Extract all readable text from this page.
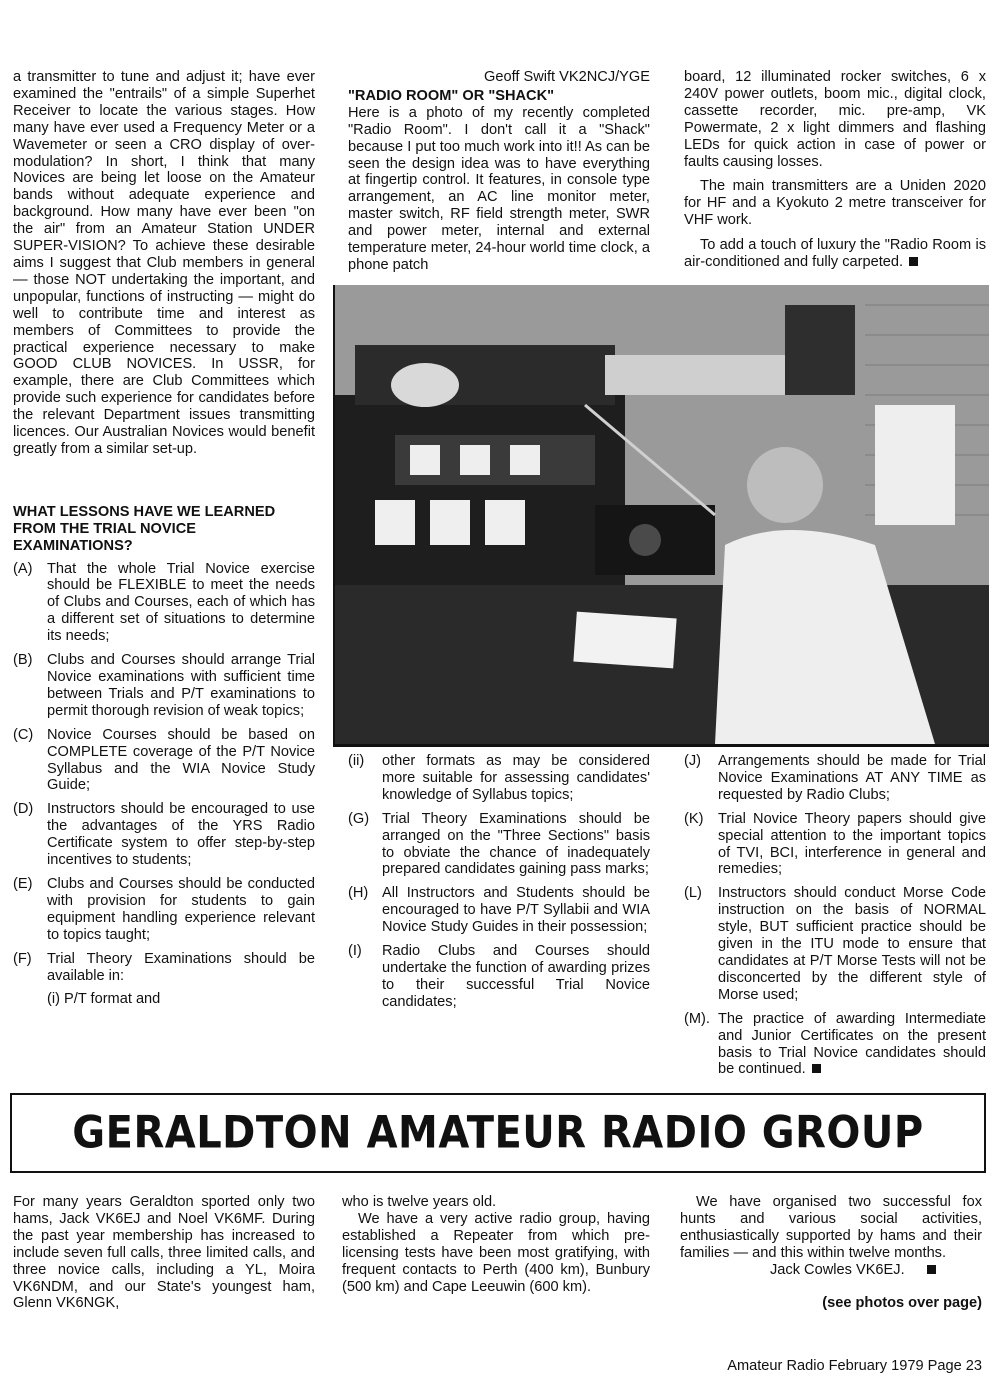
a transmitter to tune and adjust it; have ever examined the "entrails" of a simple Superhet Receiver to locate the various stages. How many have ever used a Frequency Meter or a Wavemeter or seen a CRO display of over-modulation? In short, I think that many Novices are being let loose on the Amateur bands without adequate experience and background. How many have ever been "on the air" from an Amateur Station UNDER SUPER-VISION? To achieve these desirable aims I suggest that Club members in general — those NOT undertaking the important, and unpopular, functions of instructing — might do well to contribute time and interest as members of Committees to provide the practical experience necessary to make GOOD CLUB NOVICES. In USSR, for example, there are Club Committees which provide such experience for candidates before the relevant Department issues transmitting licences. Our Australian Novices would benefit greatly from a similar set-up.

WHAT LESSONS HAVE WE LEARNED FROM THE TRIAL NOVICE EXAMINATIONS?

(A) That the whole Trial Novice exercise should be FLEXIBLE to meet the needs of Clubs and Courses, each of which has a different set of situations to determine its needs;
(B) Clubs and Courses should arrange Trial Novice examinations with sufficient time between Trials and P/T examinations to permit thorough revision of weak topics;
(C) Novice Courses should be based on COMPLETE coverage of the P/T Novice Syllabus and the WIA Novice Study Guide;
(D) Instructors should be encouraged to use the advantages of the YRS Radio Certificate system to offer step-by-step incentives to students;
(E) Clubs and Courses should be conducted with provision for students to gain equipment handling experience relevant to topics taught;
(F) Trial Theory Examinations should be available in:
(i) P/T format and

Geoff Swift VK2NCJ/YGE

"RADIO ROOM" OR "SHACK"

Here is a photo of my recently completed "Radio Room". I don't call it a "Shack" because I put too much work into it!! As can be seen the design idea was to have everything at fingertip control. It features, in console type arrangement, an AC line monitor meter, master switch, RF field strength meter, SWR and power meter, internal and external temperature meter, 24-hour world time clock, a phone patch

board, 12 illuminated rocker switches, 6 x 240V power outlets, boom mic., digital clock, cassette recorder, mic. pre-amp, VK Powermate, 2 x light dimmers and flashing LEDs for quick action in case of power or faults causing losses.

The main transmitters are a Uniden 2020 for HF and a Kyokuto 2 metre transceiver for VHF work.

To add a touch of luxury the "Radio Room is air-conditioned and fully carpeted.

(ii) other formats as may be considered more suitable for assessing candidates' knowledge of Syllabus topics;
(G) Trial Theory Examinations should be arranged on the "Three Sections" basis to obviate the chance of inadequately prepared candidates gaining pass marks;
(H) All Instructors and Students should be encouraged to have P/T Syllabii and WIA Novice Study Guides in their possession;
(I) Radio Clubs and Courses should undertake the function of awarding prizes to their successful Trial Novice candidates;
(J) Arrangements should be made for Trial Novice Examinations AT ANY TIME as requested by Radio Clubs;
(K) Trial Novice Theory papers should give special attention to the important topics of TVI, BCI, interference in general and remedies;
(L) Instructors should conduct Morse Code instruction on the basis of NORMAL style, BUT sufficient practice should be given in the ITU mode to ensure that candidates at P/T Morse Tests will not be disconcerted by the different style of Morse used;
(M). The practice of awarding Intermediate and Junior Certificates on the present basis to Trial Novice candidates should be continued.
GERALDTON AMATEUR RADIO GROUP

For many years Geraldton sported only two hams, Jack VK6EJ and Noel VK6MF. During the past year membership has increased to include seven full calls, three limited calls, and three novice calls, including a YL, Moira VK6NDM, and our State's youngest ham, Glenn VK6NGK,

who is twelve years old.

We have a very active radio group, having established a Repeater from which pre-licensing tests have been most gratifying, with frequent contacts to Perth (400 km), Bunbury (500 km) and Cape Leeuwin (600 km).

We have organised two successful fox hunts and various social activities, enthusiastically supported by hams and their families — and this within twelve months.

Jack Cowles VK6EJ.

(see photos over page)

Amateur Radio February 1979 Page 23
